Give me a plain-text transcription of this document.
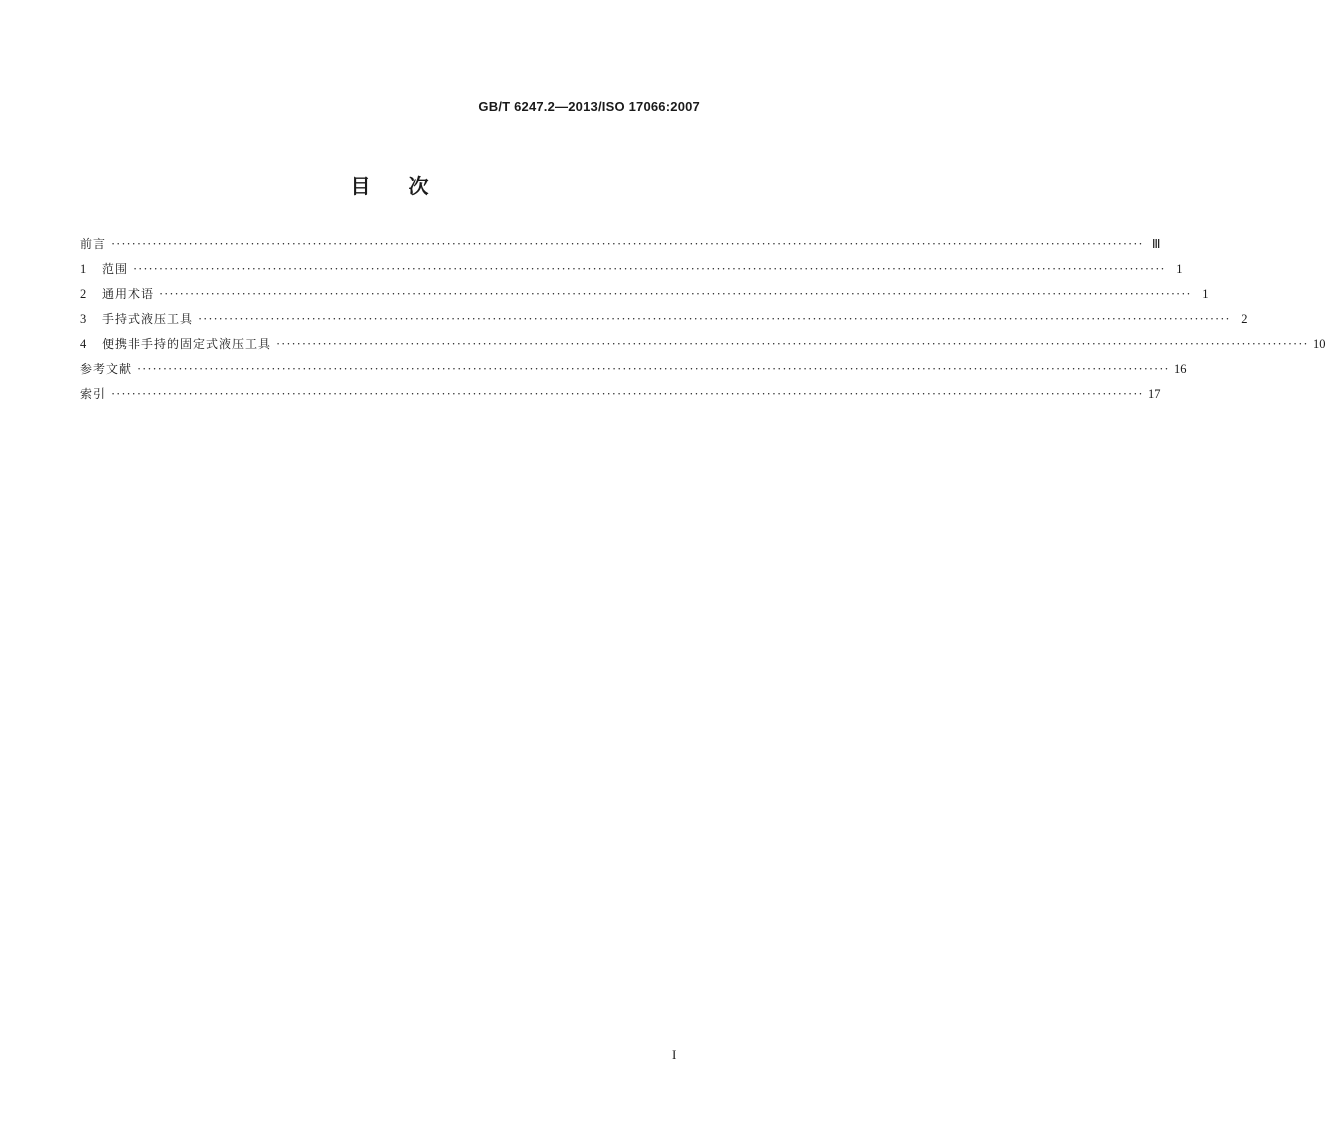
GB/T 6247.2—2013/ISO 17066:2007
目 次
前言 ········································································································································································································ Ⅲ
1	范围 ········································································································································································································ 1
2	通用术语 ········································································································································································································ 1
3	手持式液压工具 ········································································································································································································ 2
4	便携非手持的固定式液压工具 ········································································································································································································ 10
参考文献 ········································································································································································································ 16
索引 ········································································································································································································ 17
I
